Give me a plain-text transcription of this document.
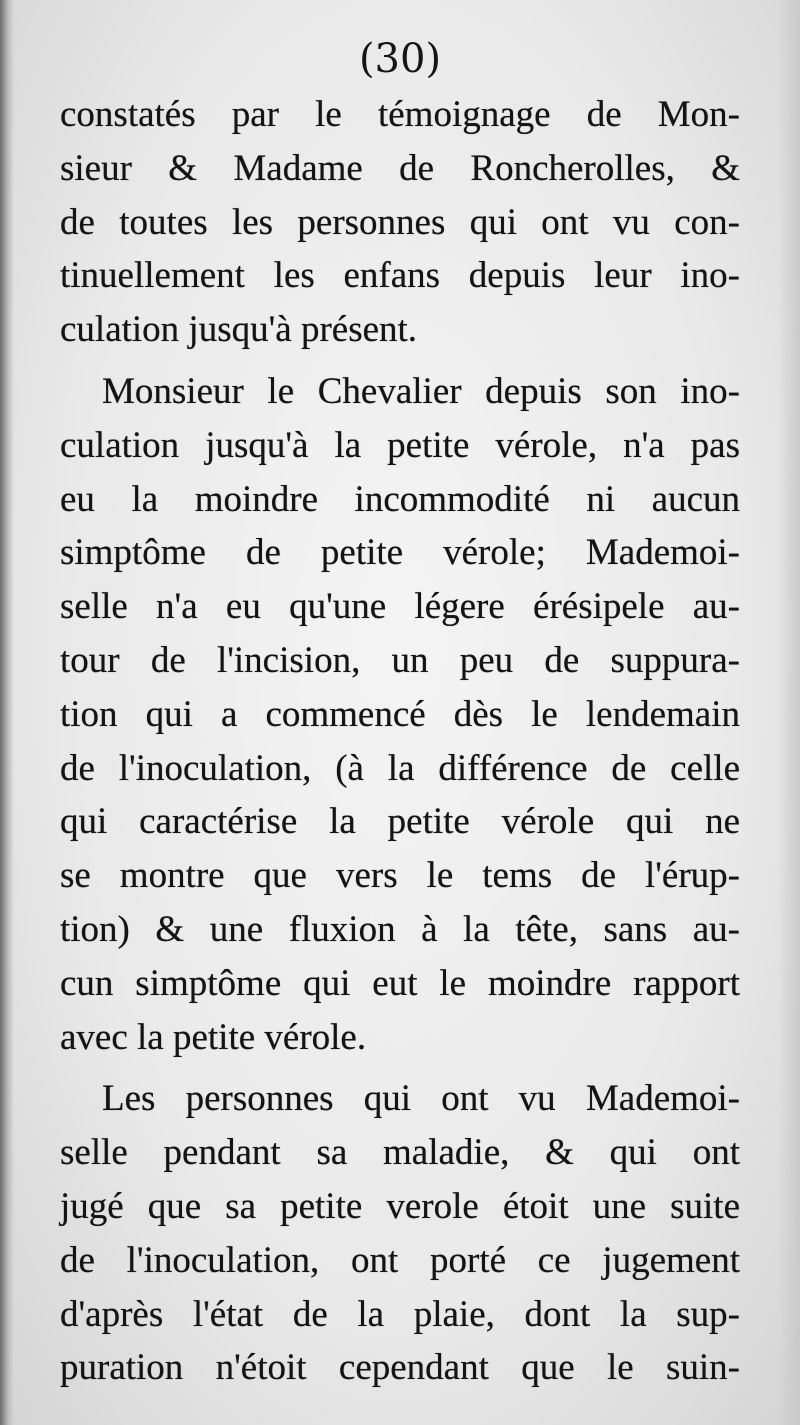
(30)
constatés par le témoignage de Mon-
sieur & Madame de Roncherolles, &
de toutes les personnes qui ont vu con-
tinuellement les enfans depuis leur ino-
culation jusqu'à présent.
Monsieur le Chevalier depuis son ino-
culation jusqu'à la petite vérole, n'a pas
eu la moindre incommodité ni aucun
simptôme de petite vérole; Mademoi-
selle n'a eu qu'une légere érésipele au-
tour de l'incision, un peu de suppura-
tion qui a commencé dès le lendemain
de l'inoculation, (à la différence de celle
qui caractérise la petite vérole qui ne
se montre que vers le tems de l'érup-
tion) & une fluxion à la tête, sans au-
cun simptôme qui eut le moindre rapport
avec la petite vérole.
Les personnes qui ont vu Mademoi-
selle pendant sa maladie, & qui ont
jugé que sa petite verole étoit une suite
de l'inoculation, ont porté ce jugement
d'après l'état de la plaie, dont la sup-
puration n'étoit cependant que le suin-
